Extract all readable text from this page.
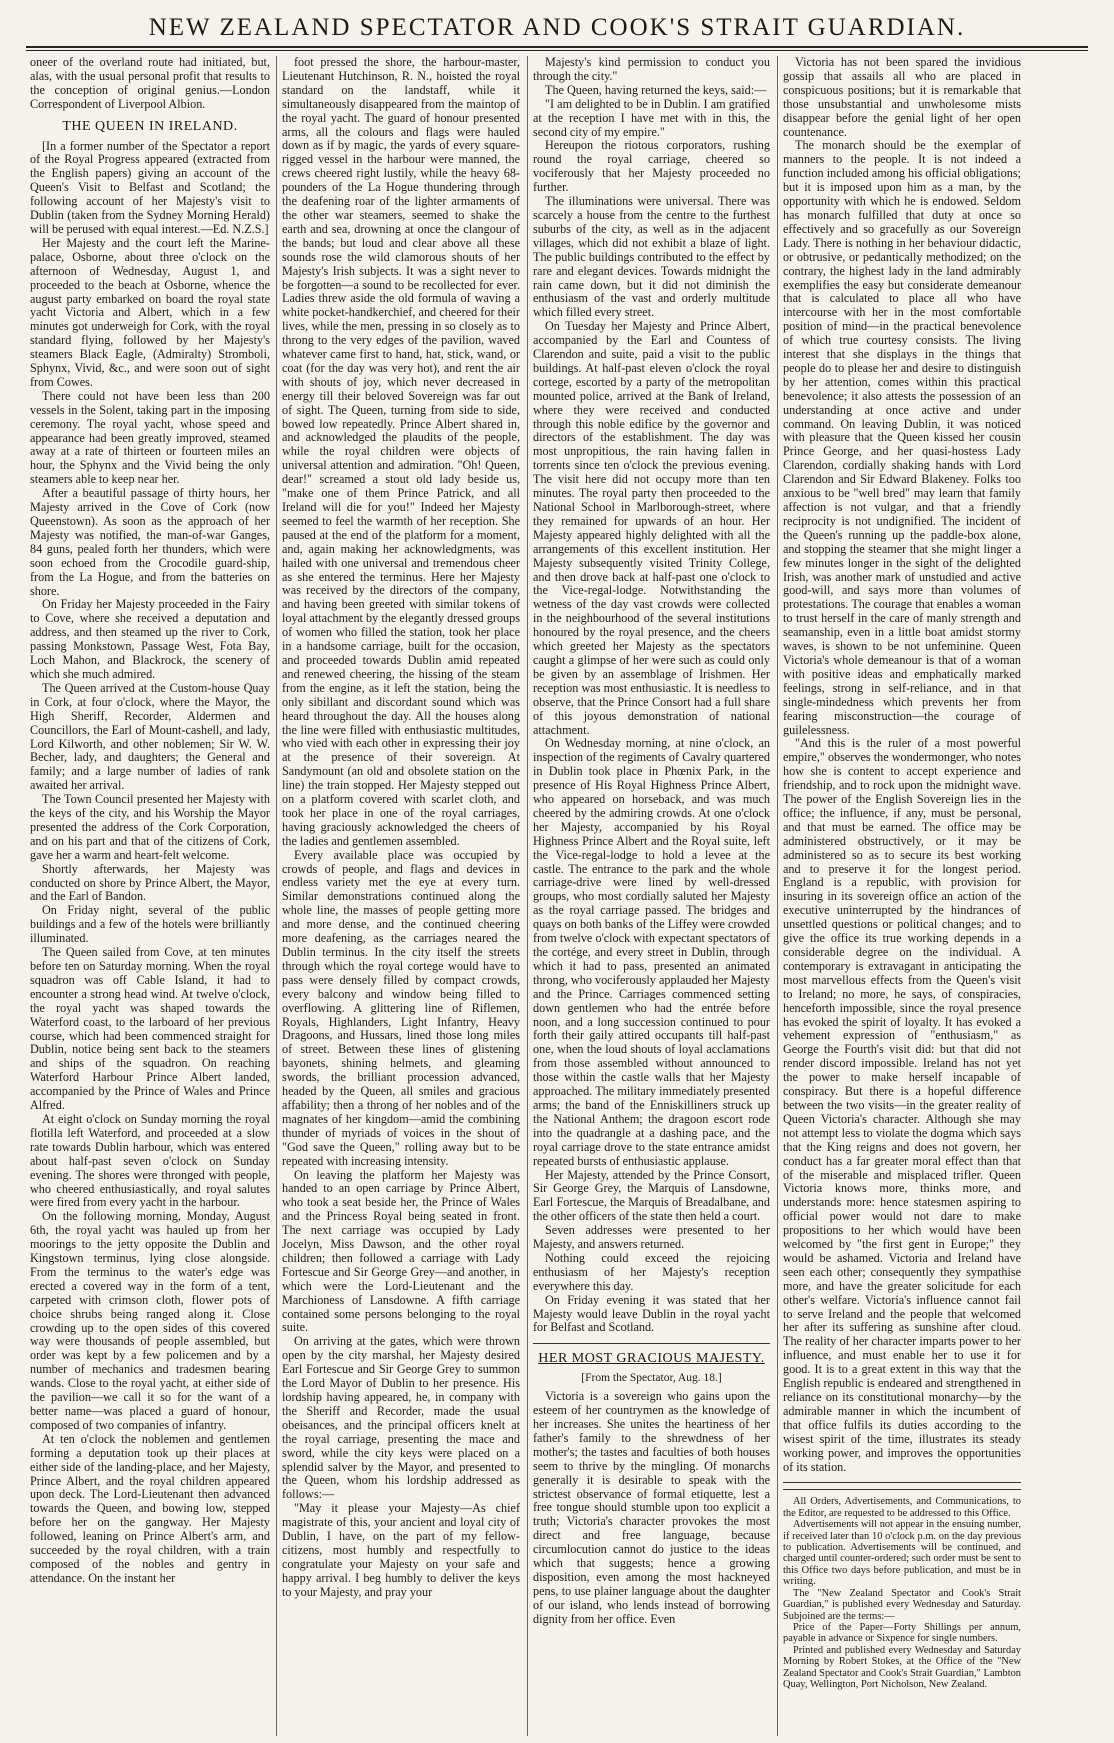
NEW ZEALAND SPECTATOR AND COOK'S STRAIT GUARDIAN.

oneer of the overland route had initiated, but, alas, with the usual personal profit that results to the conception of original genius.—London Correspondent of Liverpool Albion.

THE QUEEN IN IRELAND.

[In a former number of the Spectator a report of the Royal Progress appeared (extracted from the English papers) giving an account of the Queen's Visit to Belfast and Scotland; the following account of her Majesty's visit to Dublin (taken from the Sydney Morning Herald) will be perused with equal interest.—Ed. N.Z.S.]

Her Majesty and the court left the Marine-palace, Osborne, about three o'clock on the afternoon of Wednesday, August 1, and proceeded to the beach at Osborne, whence the august party embarked on board the royal state yacht Victoria and Albert, which in a few minutes got underweigh for Cork, with the royal standard flying, followed by her Majesty's steamers Black Eagle, (Admiralty) Stromboli, Sphynx, Vivid, &c., and were soon out of sight from Cowes.

There could not have been less than 200 vessels in the Solent, taking part in the imposing ceremony. The royal yacht, whose speed and appearance had been greatly improved, steamed away at a rate of thirteen or fourteen miles an hour, the Sphynx and the Vivid being the only steamers able to keep near her.

After a beautiful passage of thirty hours, her Majesty arrived in the Cove of Cork (now Queenstown). As soon as the approach of her Majesty was notified, the man-of-war Ganges, 84 guns, pealed forth her thunders, which were soon echoed from the Crocodile guard-ship, from the La Hogue, and from the batteries on shore.

On Friday her Majesty proceeded in the Fairy to Cove, where she received a deputation and address, and then steamed up the river to Cork, passing Monkstown, Passage West, Fota Bay, Loch Mahon, and Blackrock, the scenery of which she much admired.

The Queen arrived at the Custom-house Quay in Cork, at four o'clock, where the Mayor, the High Sheriff, Recorder, Aldermen and Councillors, the Earl of Mount-cashell, and lady, Lord Kilworth, and other noblemen; Sir W. W. Becher, lady, and daughters; the General and family; and a large number of ladies of rank awaited her arrival.

The Town Council presented her Majesty with the keys of the city, and his Worship the Mayor presented the address of the Cork Corporation, and on his part and that of the citizens of Cork, gave her a warm and heart-felt welcome.

Shortly afterwards, her Majesty was conducted on shore by Prince Albert, the Mayor, and the Earl of Bandon.

On Friday night, several of the public buildings and a few of the hotels were brilliantly illuminated.

The Queen sailed from Cove, at ten minutes before ten on Saturday morning. When the royal squadron was off Cable Island, it had to encounter a strong head wind. At twelve o'clock, the royal yacht was shaped towards the Waterford coast, to the larboard of her previous course, which had been commenced straight for Dublin, notice being sent back to the steamers and ships of the squadron. On reaching Waterford Harbour Prince Albert landed, accompanied by the Prince of Wales and Prince Alfred.

At eight o'clock on Sunday morning the royal flotilla left Waterford, and proceeded at a slow rate towards Dublin harbour, which was entered about half-past seven o'clock on Sunday evening. The shores were thronged with people, who cheered enthusiastically, and royal salutes were fired from every yacht in the harbour.

On the following morning, Monday, August 6th, the royal yacht was hauled up from her moorings to the jetty opposite the Dublin and Kingstown terminus, lying close alongside. From the terminus to the water's edge was erected a covered way in the form of a tent, carpeted with crimson cloth, flower pots of choice shrubs being ranged along it. Close crowding up to the open sides of this covered way were thousands of people assembled, but order was kept by a few policemen and by a number of mechanics and tradesmen bearing wands. Close to the royal yacht, at either side of the pavilion—we call it so for the want of a better name—was placed a guard of honour, composed of two companies of infantry.

At ten o'clock the noblemen and gentlemen forming a deputation took up their places at either side of the landing-place, and her Majesty, Prince Albert, and the royal children appeared upon deck. The Lord-Lieutenant then advanced towards the Queen, and bowing low, stepped before her on the gangway. Her Majesty followed, leaning on Prince Albert's arm, and succeeded by the royal children, with a train composed of the nobles and gentry in attendance. On the instant her

foot pressed the shore, the harbour-master, Lieutenant Hutchinson, R. N., hoisted the royal standard on the landstaff, while it simultaneously disappeared from the maintop of the royal yacht. The guard of honour presented arms, all the colours and flags were hauled down as if by magic, the yards of every square-rigged vessel in the harbour were manned, the crews cheered right lustily, while the heavy 68-pounders of the La Hogue thundering through the deafening roar of the lighter armaments of the other war steamers, seemed to shake the earth and sea, drowning at once the clangour of the bands; but loud and clear above all these sounds rose the wild clamorous shouts of her Majesty's Irish subjects. It was a sight never to be forgotten—a sound to be recollected for ever. Ladies threw aside the old formula of waving a white pocket-handkerchief, and cheered for their lives, while the men, pressing in so closely as to throng to the very edges of the pavilion, waved whatever came first to hand, hat, stick, wand, or coat (for the day was very hot), and rent the air with shouts of joy, which never decreased in energy till their beloved Sovereign was far out of sight. The Queen, turning from side to side, bowed low repeatedly. Prince Albert shared in, and acknowledged the plaudits of the people, while the royal children were objects of universal attention and admiration. "Oh! Queen, dear!" screamed a stout old lady beside us, "make one of them Prince Patrick, and all Ireland will die for you!" Indeed her Majesty seemed to feel the warmth of her reception. She paused at the end of the platform for a moment, and, again making her acknowledgments, was hailed with one universal and tremendous cheer as she entered the terminus. Here her Majesty was received by the directors of the company, and having been greeted with similar tokens of loyal attachment by the elegantly dressed groups of women who filled the station, took her place in a handsome carriage, built for the occasion, and proceeded towards Dublin amid repeated and renewed cheering, the hissing of the steam from the engine, as it left the station, being the only sibillant and discordant sound which was heard throughout the day. All the houses along the line were filled with enthusiastic multitudes, who vied with each other in expressing their joy at the presence of their sovereign. At Sandymount (an old and obsolete station on the line) the train stopped. Her Majesty stepped out on a platform covered with scarlet cloth, and took her place in one of the royal carriages, having graciously acknowledged the cheers of the ladies and gentlemen assembled.

Every available place was occupied by crowds of people, and flags and devices in endless variety met the eye at every turn. Similar demonstrations continued along the whole line, the masses of people getting more and more dense, and the continued cheering more deafening, as the carriages neared the Dublin terminus. In the city itself the streets through which the royal cortege would have to pass were densely filled by compact crowds, every balcony and window being filled to overflowing. A glittering line of Riflemen, Royals, Highlanders, Light Infantry, Heavy Dragoons, and Hussars, lined those long miles of street. Between these lines of glistening bayonets, shining helmets, and gleaming swords, the brilliant procession advanced, headed by the Queen, all smiles and gracious affability; then a throng of her nobles and of the magnates of her kingdom—amid the combining thunder of myriads of voices in the shout of "God save the Queen," rolling away but to be repeated with increasing intensity.

On leaving the platform her Majesty was handed to an open carriage by Prince Albert, who took a seat beside her, the Prince of Wales and the Princess Royal being seated in front. The next carriage was occupied by Lady Jocelyn, Miss Dawson, and the other royal children; then followed a carriage with Lady Fortescue and Sir George Grey—and another, in which were the Lord-Lieutenant and the Marchioness of Lansdowne. A fifth carriage contained some persons belonging to the royal suite.

On arriving at the gates, which were thrown open by the city marshal, her Majesty desired Earl Fortescue and Sir George Grey to summon the Lord Mayor of Dublin to her presence. His lordship having appeared, he, in company with the Sheriff and Recorder, made the usual obeisances, and the principal officers knelt at the royal carriage, presenting the mace and sword, while the city keys were placed on a splendid salver by the Mayor, and presented to the Queen, whom his lordship addressed as follows:—

"May it please your Majesty—As chief magistrate of this, your ancient and loyal city of Dublin, I have, on the part of my fellow-citizens, most humbly and respectfully to congratulate your Majesty on your safe and happy arrival. I beg humbly to deliver the keys to your Majesty, and pray your

Majesty's kind permission to conduct you through the city."

The Queen, having returned the keys, said:—

"I am delighted to be in Dublin. I am gratified at the reception I have met with in this, the second city of my empire."

Hereupon the riotous corporators, rushing round the royal carriage, cheered so vociferously that her Majesty proceeded no further.

The illuminations were universal. There was scarcely a house from the centre to the furthest suburbs of the city, as well as in the adjacent villages, which did not exhibit a blaze of light. The public buildings contributed to the effect by rare and elegant devices. Towards midnight the rain came down, but it did not diminish the enthusiasm of the vast and orderly multitude which filled every street.

On Tuesday her Majesty and Prince Albert, accompanied by the Earl and Countess of Clarendon and suite, paid a visit to the public buildings. At half-past eleven o'clock the royal cortege, escorted by a party of the metropolitan mounted police, arrived at the Bank of Ireland, where they were received and conducted through this noble edifice by the governor and directors of the establishment. The day was most unpropitious, the rain having fallen in torrents since ten o'clock the previous evening. The visit here did not occupy more than ten minutes. The royal party then proceeded to the National School in Marlborough-street, where they remained for upwards of an hour. Her Majesty appeared highly delighted with all the arrangements of this excellent institution. Her Majesty subsequently visited Trinity College, and then drove back at half-past one o'clock to the Vice-regal-lodge. Notwithstanding the wetness of the day vast crowds were collected in the neighbourhood of the several institutions honoured by the royal presence, and the cheers which greeted her Majesty as the spectators caught a glimpse of her were such as could only be given by an assemblage of Irishmen. Her reception was most enthusiastic. It is needless to observe, that the Prince Consort had a full share of this joyous demonstration of national attachment.

On Wednesday morning, at nine o'clock, an inspection of the regiments of Cavalry quartered in Dublin took place in Phœnix Park, in the presence of His Royal Highness Prince Albert, who appeared on horseback, and was much cheered by the admiring crowds. At one o'clock her Majesty, accompanied by his Royal Highness Prince Albert and the Royal suite, left the Vice-regal-lodge to hold a levee at the castle. The entrance to the park and the whole carriage-drive were lined by well-dressed groups, who most cordially saluted her Majesty as the royal carriage passed. The bridges and quays on both banks of the Liffey were crowded from twelve o'clock with expectant spectators of the cortége, and every street in Dublin, through which it had to pass, presented an animated throng, who vociferously applauded her Majesty and the Prince. Carriages commenced setting down gentlemen who had the entrée before noon, and a long succession continued to pour forth their gaily attired occupants till half-past one, when the loud shouts of loyal acclamations from those assembled without announced to those within the castle walls that her Majesty approached. The military immediately presented arms; the band of the Enniskilliners struck up the National Anthem; the dragoon escort rode into the quadrangle at a dashing pace, and the royal carriage drove to the state entrance amidst repeated bursts of enthusiastic applause.

Her Majesty, attended by the Prince Consort, Sir George Grey, the Marquis of Lansdowne, Earl Fortescue, the Marquis of Breadalbane, and the other officers of the state then held a court.

Seven addresses were presented to her Majesty, and answers returned.

Nothing could exceed the rejoicing enthusiasm of her Majesty's reception everywhere this day.

On Friday evening it was stated that her Majesty would leave Dublin in the royal yacht for Belfast and Scotland.

HER MOST GRACIOUS MAJESTY.
[From the Spectator, Aug. 18.]

Victoria is a sovereign who gains upon the esteem of her countrymen as the knowledge of her increases. She unites the heartiness of her father's family to the shrewdness of her mother's; the tastes and faculties of both houses seem to thrive by the mingling. Of monarchs generally it is desirable to speak with the strictest observance of formal etiquette, lest a free tongue should stumble upon too explicit a truth; Victoria's character provokes the most direct and free language, because circumlocution cannot do justice to the ideas which that suggests; hence a growing disposition, even among the most hackneyed pens, to use plainer language about the daughter of our island, who lends instead of borrowing dignity from her office. Even

Victoria has not been spared the invidious gossip that assails all who are placed in conspicuous positions; but it is remarkable that those unsubstantial and unwholesome mists disappear before the genial light of her open countenance.

The monarch should be the exemplar of manners to the people. It is not indeed a function included among his official obligations; but it is imposed upon him as a man, by the opportunity with which he is endowed. Seldom has monarch fulfilled that duty at once so effectively and so gracefully as our Sovereign Lady. There is nothing in her behaviour didactic, or obtrusive, or pedantically methodized; on the contrary, the highest lady in the land admirably exemplifies the easy but considerate demeanour that is calculated to place all who have intercourse with her in the most comfortable position of mind—in the practical benevolence of which true courtesy consists. The living interest that she displays in the things that people do to please her and desire to distinguish by her attention, comes within this practical benevolence; it also attests the possession of an understanding at once active and under command. On leaving Dublin, it was noticed with pleasure that the Queen kissed her cousin Prince George, and her quasi-hostess Lady Clarendon, cordially shaking hands with Lord Clarendon and Sir Edward Blakeney. Folks too anxious to be "well bred" may learn that family affection is not vulgar, and that a friendly reciprocity is not undignified. The incident of the Queen's running up the paddle-box alone, and stopping the steamer that she might linger a few minutes longer in the sight of the delighted Irish, was another mark of unstudied and active good-will, and says more than volumes of protestations. The courage that enables a woman to trust herself in the care of manly strength and seamanship, even in a little boat amidst stormy waves, is shown to be not unfeminine. Queen Victoria's whole demeanour is that of a woman with positive ideas and emphatically marked feelings, strong in self-reliance, and in that single-mindedness which prevents her from fearing misconstruction—the courage of guilelessness.

"And this is the ruler of a most powerful empire," observes the wondermonger, who notes how she is content to accept experience and friendship, and to rock upon the midnight wave. The power of the English Sovereign lies in the office; the influence, if any, must be personal, and that must be earned. The office may be administered obstructively, or it may be administered so as to secure its best working and to preserve it for the longest period. England is a republic, with provision for insuring in its sovereign office an action of the executive uninterrupted by the hindrances of unsettled questions or political changes; and to give the office its true working depends in a considerable degree on the individual. A contemporary is extravagant in anticipating the most marvellous effects from the Queen's visit to Ireland; no more, he says, of conspiracies, henceforth impossible, since the royal presence has evoked the spirit of loyalty. It has evoked a vehement expression of "enthusiasm," as George the Fourth's visit did: but that did not render discord impossible. Ireland has not yet the power to make herself incapable of conspiracy. But there is a hopeful difference between the two visits—in the greater reality of Queen Victoria's character. Although she may not attempt less to violate the dogma which says that the King reigns and does not govern, her conduct has a far greater moral effect than that of the miserable and misplaced trifler. Queen Victoria knows more, thinks more, and understands more: hence statesmen aspiring to official power would not dare to make propositions to her which would have been welcomed by "the first gent in Europe;" they would be ashamed. Victoria and Ireland have seen each other; consequently they sympathise more, and have the greater solicitude for each other's welfare. Victoria's influence cannot fail to serve Ireland and the people that welcomed her after its suffering as sunshine after cloud. The reality of her character imparts power to her influence, and must enable her to use it for good. It is to a great extent in this way that the English republic is endeared and strengthened in reliance on its constitutional monarchy—by the admirable manner in which the incumbent of that office fulfils its duties according to the wisest spirit of the time, illustrates its steady working power, and improves the opportunities of its station.

All Orders, Advertisements, and Communications, to the Editor, are requested to be addressed to this Office.

Advertisements will not appear in the ensuing number, if received later than 10 o'clock p.m. on the day previous to publication. Advertisements will be continued, and charged until counter-ordered; such order must be sent to this Office two days before publication, and must be in writing.

The "New Zealand Spectator and Cook's Strait Guardian," is published every Wednesday and Saturday. Subjoined are the terms:—

Price of the Paper—Forty Shillings per annum, payable in advance or Sixpence for single numbers.

Printed and published every Wednesday and Saturday Morning by Robert Stokes, at the Office of the "New Zealand Spectator and Cook's Strait Guardian," Lambton Quay, Wellington, Port Nicholson, New Zealand.
